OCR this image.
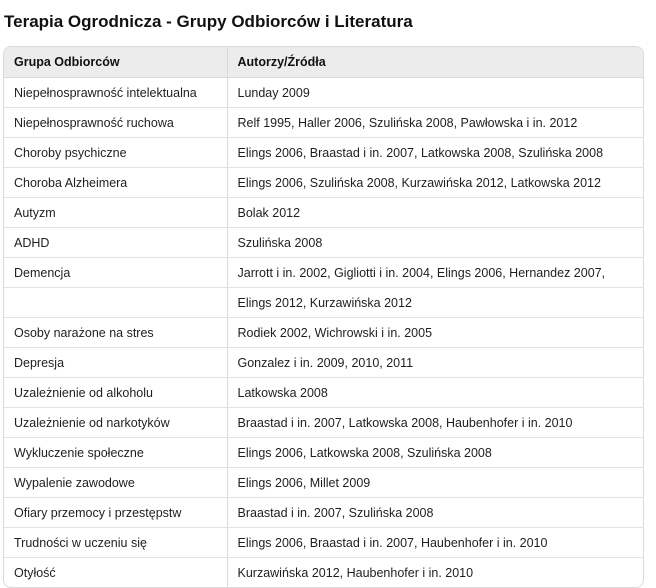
Terapia Ogrodnicza - Grupy Odbiorców i Literatura
Grupa Odbiorców	Autorzy/Źródła
Niepełnosprawność intelektualna	Lunday 2009
Niepełnosprawność ruchowa	Relf 1995, Haller 2006, Szulińska 2008, Pawłowska i in. 2012
Choroby psychiczne	Elings 2006, Braastad i in. 2007, Latkowska 2008, Szulińska 2008
Choroba Alzheimera	Elings 2006, Szulińska 2008, Kurzawińska 2012, Latkowska 2012
Autyzm	Bolak 2012
ADHD	Szulińska 2008
Demencja	Jarrott i in. 2002, Gigliotti i in. 2004, Elings 2006, Hernandez 2007,
	Elings 2012, Kurzawińska 2012
Osoby narażone na stres	Rodiek 2002, Wichrowski i in. 2005
Depresja	Gonzalez i in. 2009, 2010, 2011
Uzależnienie od alkoholu	Latkowska 2008
Uzależnienie od narkotyków	Braastad i in. 2007, Latkowska 2008, Haubenhofer i in. 2010
Wykluczenie społeczne	Elings 2006, Latkowska 2008, Szulińska 2008
Wypalenie zawodowe	Elings 2006, Millet 2009
Ofiary przemocy i przestępstw	Braastad i in. 2007, Szulińska 2008
Trudności w uczeniu się	Elings 2006, Braastad i in. 2007, Haubenhofer i in. 2010
Otyłość	Kurzawińska 2012, Haubenhofer i in. 2010
